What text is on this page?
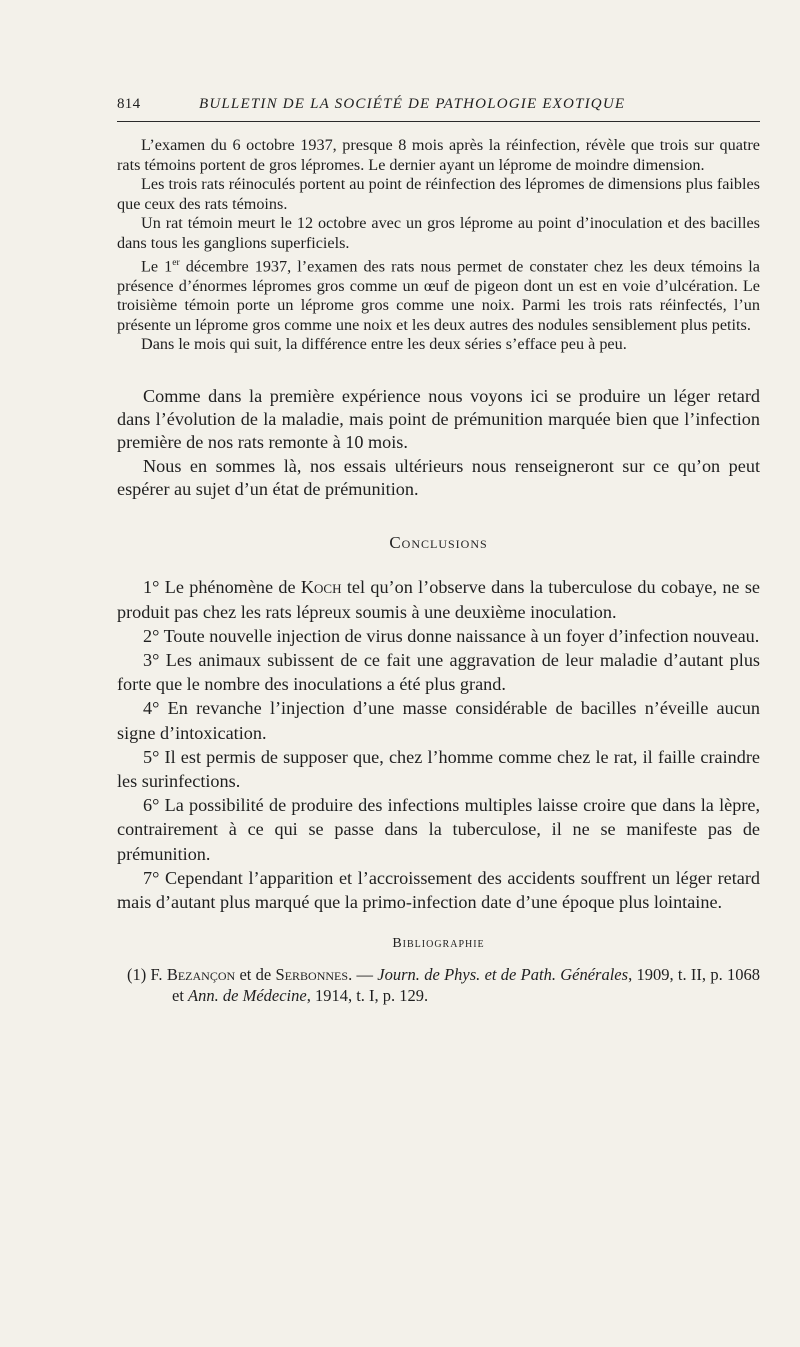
814	BULLETIN DE LA SOCIÉTÉ DE PATHOLOGIE EXOTIQUE

L’examen du 6 octobre 1937, presque 8 mois après la réinfection, révèle que trois sur quatre rats témoins portent de gros lépromes. Le dernier ayant un léprome de moindre dimension.

Les trois rats réinoculés portent au point de réinfection des lépromes de dimensions plus faibles que ceux des rats témoins.

Un rat témoin meurt le 12 octobre avec un gros léprome au point d’inoculation et des bacilles dans tous les ganglions superficiels.

Le 1er décembre 1937, l’examen des rats nous permet de constater chez les deux témoins la présence d’énormes lépromes gros comme un œuf de pigeon dont un est en voie d’ulcération. Le troisième témoin porte un léprome gros comme une noix. Parmi les trois rats réinfectés, l’un présente un léprome gros comme une noix et les deux autres des nodules sensiblement plus petits.

Dans le mois qui suit, la différence entre les deux séries s’efface peu à peu.

Comme dans la première expérience nous voyons ici se produire un léger retard dans l’évolution de la maladie, mais point de prémunition marquée bien que l’infection première de nos rats remonte à 10 mois.

Nous en sommes là, nos essais ultérieurs nous renseigneront sur ce qu’on peut espérer au sujet d’un état de prémunition.

Conclusions

1° Le phénomène de Koch tel qu’on l’observe dans la tuberculose du cobaye, ne se produit pas chez les rats lépreux soumis à une deuxième inoculation.

2° Toute nouvelle injection de virus donne naissance à un foyer d’infection nouveau.

3° Les animaux subissent de ce fait une aggravation de leur maladie d’autant plus forte que le nombre des inoculations a été plus grand.

4° En revanche l’injection d’une masse considérable de bacilles n’éveille aucun signe d’intoxication.

5° Il est permis de supposer que, chez l’homme comme chez le rat, il faille craindre les surinfections.

6° La possibilité de produire des infections multiples laisse croire que dans la lèpre, contrairement à ce qui se passe dans la tuberculose, il ne se manifeste pas de prémunition.

7° Cependant l’apparition et l’accroissement des accidents souffrent un léger retard mais d’autant plus marqué que la primo-infection date d’une époque plus lointaine.

Bibliographie

(1) F. Bezançon et de Serbonnes. — Journ. de Phys. et de Path. Générales, 1909, t. II, p. 1068 et Ann. de Médecine, 1914, t. I, p. 129.
